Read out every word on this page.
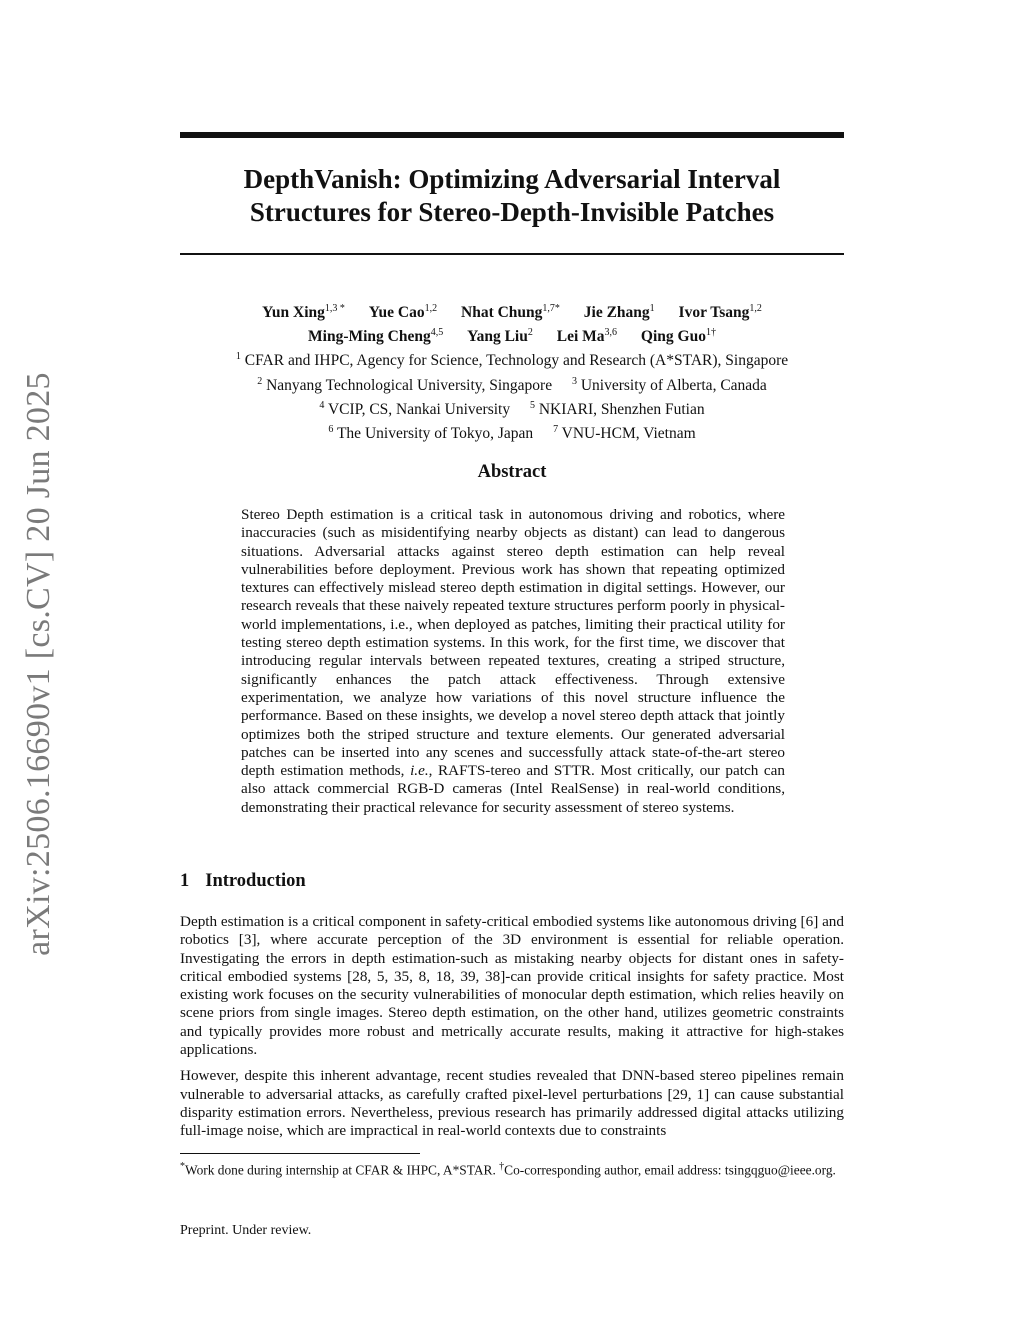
arXiv:2506.16690v1 [cs.CV] 20 Jun 2025
DepthVanish: Optimizing Adversarial Interval
Structures for Stereo-Depth-Invisible Patches
Yun Xing$^{1,3 *}$ Yue Cao$^{1,2}$ Nhat Chung$^{1,7*}$ Jie Zhang$^1$ Ivor Tsang$^{1,2}$
Ming-Ming Cheng$^{4,5}$ Yang Liu$^2$ Lei Ma$^{3,6}$ Qing Guo$^{1\dagger}$
$^1$ CFAR and IHPC, Agency for Science, Technology and Research (A*STAR), Singapore
$^2$ Nanyang Technological University, Singapore $^3$ University of Alberta, Canada
$^4$ VCIP, CS, Nankai University $^5$ NKIARI, Shenzhen Futian
$^6$ The University of Tokyo, Japan $^7$ VNU-HCM, Vietnam
Abstract
Stereo Depth estimation is a critical task in autonomous driving and robotics, where inaccuracies (such as misidentifying nearby objects as distant) can lead to dangerous situations. Adversarial attacks against stereo depth estimation can help reveal vulnerabilities before deployment. Previous work has shown that repeating optimized textures can effectively mislead stereo depth estimation in digital settings. However, our research reveals that these naively repeated texture structures perform poorly in physical-world implementations, i.e., when deployed as patches, limiting their practical utility for testing stereo depth estimation systems. In this work, for the first time, we discover that introducing regular intervals between repeated textures, creating a striped structure, significantly enhances the patch attack effectiveness. Through extensive experimentation, we analyze how variations of this novel structure influence the performance. Based on these insights, we develop a novel stereo depth attack that jointly optimizes both the striped structure and texture elements. Our generated adversarial patches can be inserted into any scenes and successfully attack state-of-the-art stereo depth estimation methods, i.e., RAFTS-tereo and STTR. Most critically, our patch can also attack commercial RGB-D cameras (Intel RealSense) in real-world conditions, demonstrating their practical relevance for security assessment of stereo systems.
1 Introduction

Depth estimation is a critical component in safety-critical embodied systems like autonomous driving [6] and robotics [3], where accurate perception of the 3D environment is essential for reliable operation. Investigating the errors in depth estimation-such as mistaking nearby objects for distant ones in safety-critical embodied systems [28, 5, 35, 8, 18, 39, 38]-can provide critical insights for safety practice. Most existing work focuses on the security vulnerabilities of monocular depth estimation, which relies heavily on scene priors from single images. Stereo depth estimation, on the other hand, utilizes geometric constraints and typically provides more robust and metrically accurate results, making it attractive for high-stakes applications.

However, despite this inherent advantage, recent studies revealed that DNN-based stereo pipelines remain vulnerable to adversarial attacks, as carefully crafted pixel-level perturbations [29, 1] can cause substantial disparity estimation errors. Nevertheless, previous research has primarily addressed digital attacks utilizing full-image noise, which are impractical in real-world contexts due to constraints

*Work done during internship at CFAR & IHPC, A*STAR. †Co-corresponding author, email address: tsingqguo@ieee.org.
Preprint. Under review.
